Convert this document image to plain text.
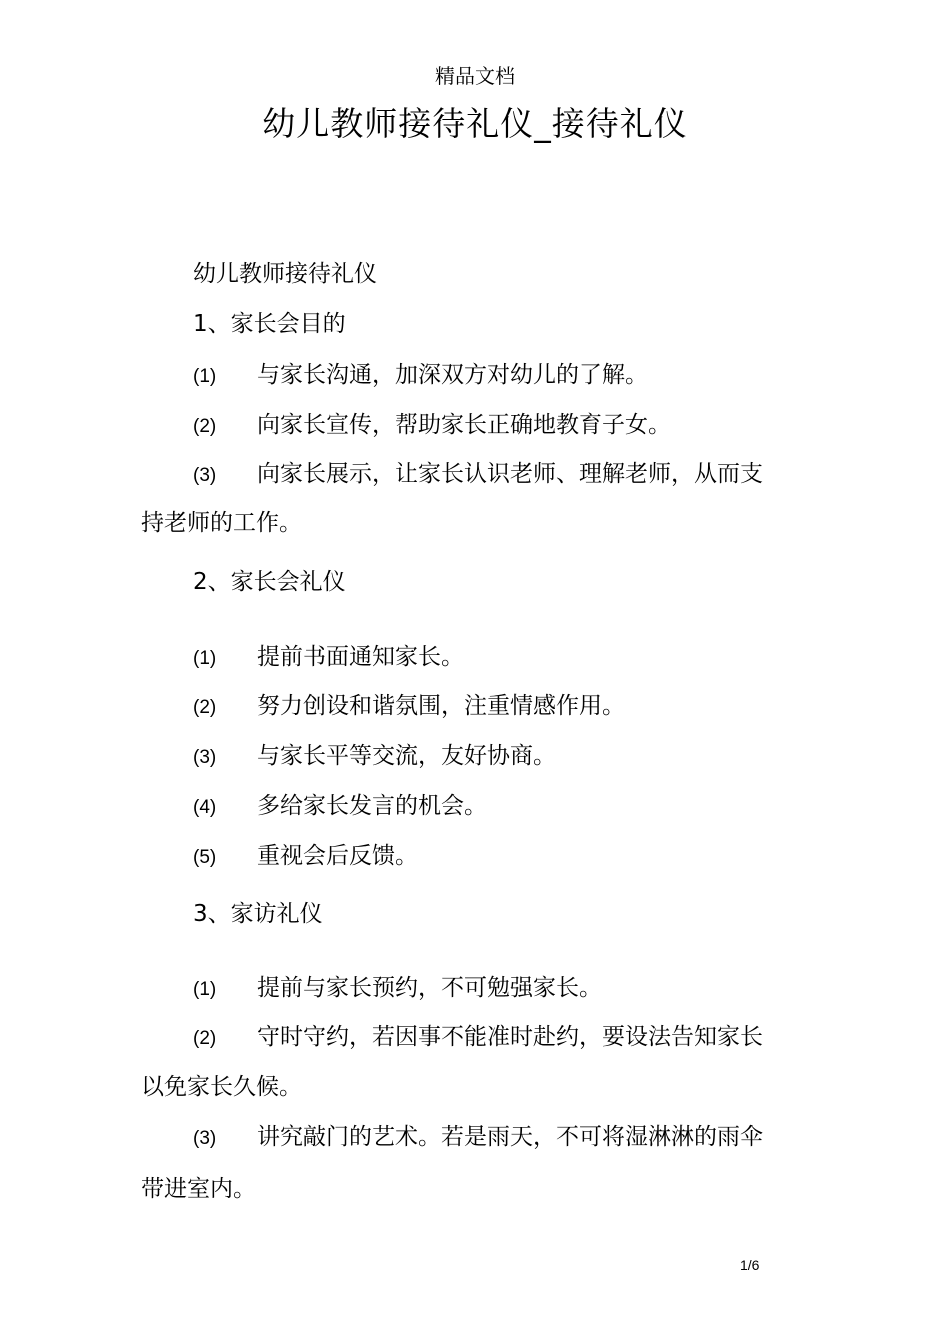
精品文档
幼儿教师接待礼仪_接待礼仪
幼儿教师接待礼仪
1、家长会目的
(1) 与家长沟通，加深双方对幼儿的了解。
(2) 向家长宣传，帮助家长正确地教育子女。
(3) 向家长展示，让家长认识老师、理解老师，从而支
持老师的工作。
2、家长会礼仪
(1) 提前书面通知家长。
(2) 努力创设和谐氛围，注重情感作用。
(3) 与家长平等交流，友好协商。
(4) 多给家长发言的机会。
(5) 重视会后反馈。
3、家访礼仪
(1) 提前与家长预约，不可勉强家长。
(2) 守时守约，若因事不能准时赴约，要设法告知家长
以免家长久候。
(3) 讲究敲门的艺术。若是雨天，不可将湿淋淋的雨伞
带进室内。
1/6
